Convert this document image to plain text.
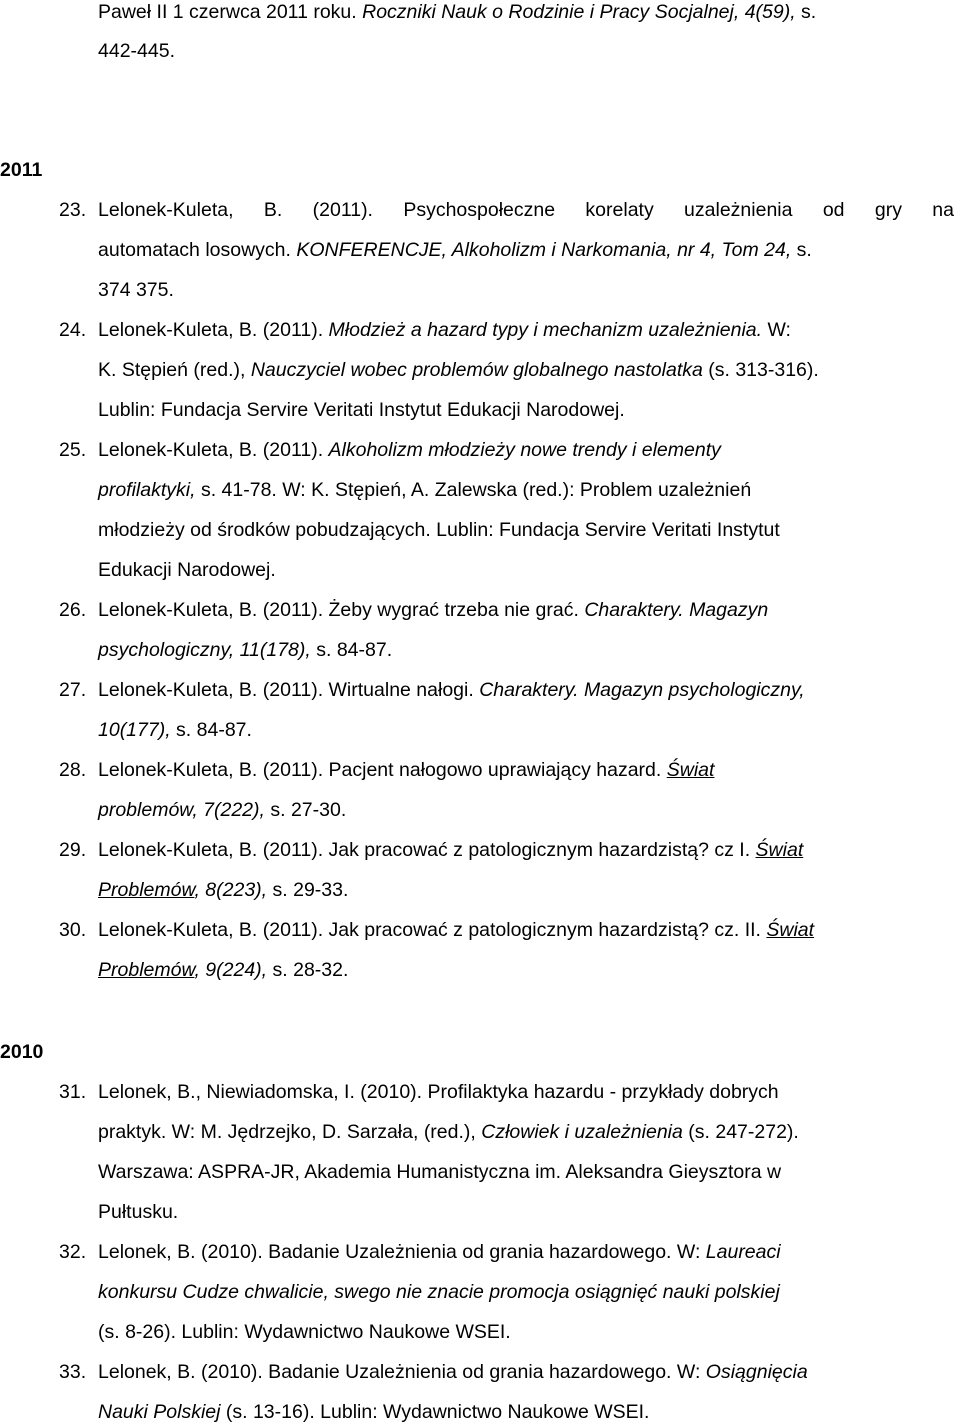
Paweł II 1 czerwca 2011 roku. Roczniki Nauk o Rodzinie i Pracy Socjalnej, 4(59), s.
442-445.
2011
23. Lelonek-Kuleta, B. (2011). Psychospołeczne korelaty uzależnienia od gry na
automatach losowych. KONFERENCJE, Alkoholizm i Narkomania, nr 4, Tom 24, s.
374 375.
24. Lelonek-Kuleta, B. (2011). Młodzież a hazard typy i mechanizm uzależnienia. W:
K. Stępień (red.), Nauczyciel wobec problemów globalnego nastolatka (s. 313-316).
Lublin: Fundacja Servire Veritati Instytut Edukacji Narodowej.
25. Lelonek-Kuleta, B. (2011). Alkoholizm młodzieży nowe trendy i elementy
profilaktyki, s. 41-78. W: K. Stępień, A. Zalewska (red.): Problem uzależnień
młodzieży od środków pobudzających. Lublin: Fundacja Servire Veritati Instytut
Edukacji Narodowej.
26. Lelonek-Kuleta, B. (2011). Żeby wygrać trzeba nie grać. Charaktery. Magazyn
psychologiczny, 11(178), s. 84-87.
27. Lelonek-Kuleta, B. (2011). Wirtualne nałogi. Charaktery. Magazyn psychologiczny,
10(177), s. 84-87.
28. Lelonek-Kuleta, B. (2011). Pacjent nałogowo uprawiający hazard. Świat
problemów, 7(222), s. 27-30.
29. Lelonek-Kuleta, B. (2011). Jak pracować z patologicznym hazardzistą? cz I. Świat
Problemów, 8(223), s. 29-33.
30. Lelonek-Kuleta, B. (2011). Jak pracować z patologicznym hazardzistą? cz. II. Świat
Problemów, 9(224), s. 28-32.
2010
31. Lelonek, B., Niewiadomska, I. (2010). Profilaktyka hazardu - przykłady dobrych
praktyk. W: M. Jędrzejko, D. Sarzała, (red.), Człowiek i uzależnienia (s. 247-272).
Warszawa: ASPRA-JR, Akademia Humanistyczna im. Aleksandra Gieysztora w
Pułtusku.
32. Lelonek, B. (2010). Badanie Uzależnienia od grania hazardowego. W: Laureaci
konkursu Cudze chwalicie, swego nie znacie promocja osiągnięć nauki polskiej
(s. 8-26). Lublin: Wydawnictwo Naukowe WSEI.
33. Lelonek, B. (2010). Badanie Uzależnienia od grania hazardowego. W: Osiągnięcia
Nauki Polskiej (s. 13-16). Lublin: Wydawnictwo Naukowe WSEI.
